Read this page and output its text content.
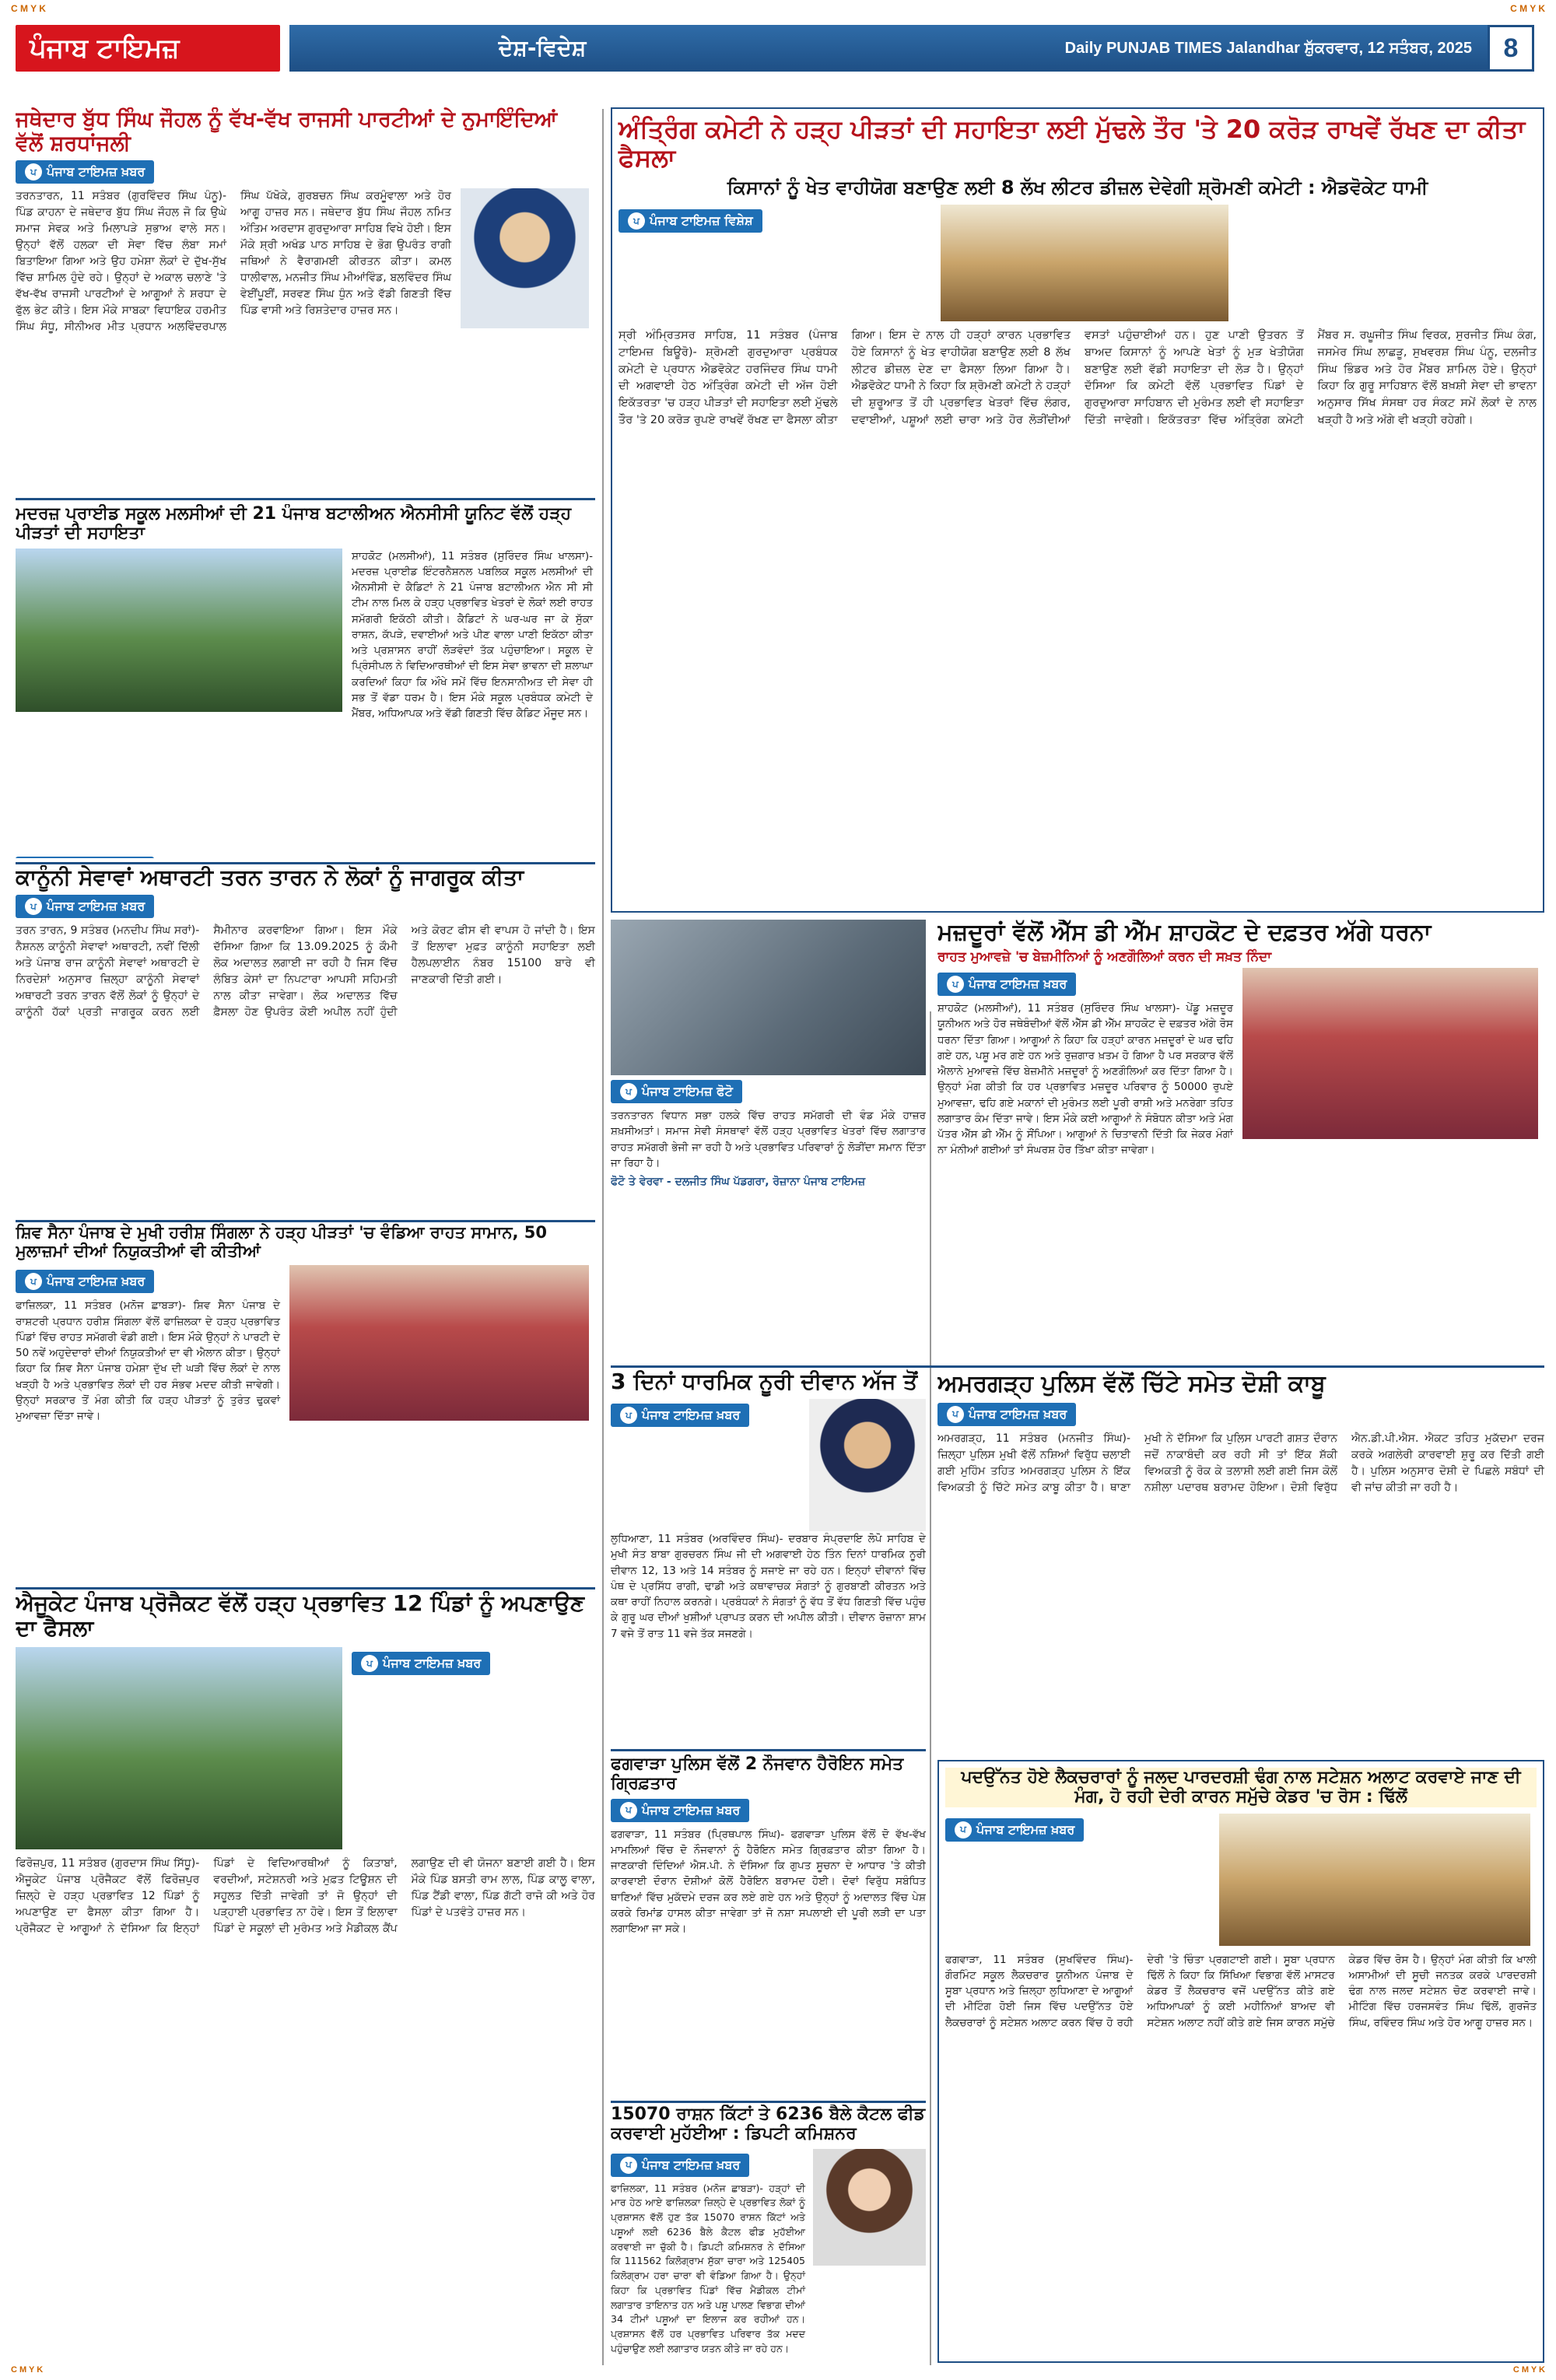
C M Y K	C M Y K
ਪੰਜਾਬ ਟਾਇਮਜ਼	ਦੇਸ਼-ਵਿਦੇਸ਼	Daily PUNJAB TIMES Jalandhar ਸ਼ੁੱਕਰਵਾਰ, 12 ਸਤੰਬਰ, 2025	8
ਜਥੇਦਾਰ ਬੁੱਧ ਸਿੰਘ ਜੌਹਲ ਨੂੰ ਵੱਖ-ਵੱਖ ਰਾਜਸੀ ਪਾਰਟੀਆਂ ਦੇ ਨੁਮਾਇੰਦਿਆਂ ਵੱਲੋਂ ਸ਼ਰਧਾਂਜਲੀ
ਪ ਪੰਜਾਬ ਟਾਇਮਜ਼ ਖ਼ਬਰ
ਤਰਨਤਾਰਨ, 11 ਸਤੰਬਰ (ਗੁਰਵਿੰਦਰ ਸਿੰਘ ਪੰਨੂ)- ਪਿੰਡ ਕਾਹਨਾ ਦੇ ਜਥੇਦਾਰ ਬੁੱਧ ਸਿੰਘ ਜੌਹਲ ਜੋ ਕਿ ਉਘੇ ਸਮਾਜ ਸੇਵਕ ਅਤੇ ਮਿਲਾਪੜੇ ਸੁਭਾਅ ਵਾਲੇ ਸਨ। ਉਨ੍ਹਾਂ ਵੱਲੋਂ ਹਲਕਾ ਦੀ ਸੇਵਾ ਵਿੱਚ ਲੰਬਾ ਸਮਾਂ ਬਿਤਾਇਆ ਗਿਆ ਅਤੇ ਉਹ ਹਮੇਸ਼ਾ ਲੋਕਾਂ ਦੇ ਦੁੱਖ-ਸੁੱਖ ਵਿੱਚ ਸ਼ਾਮਿਲ ਹੁੰਦੇ ਰਹੇ। ਉਨ੍ਹਾਂ ਦੇ ਅਕਾਲ ਚਲਾਣੇ 'ਤੇ ਵੱਖ-ਵੱਖ ਰਾਜਸੀ ਪਾਰਟੀਆਂ ਦੇ ਆਗੂਆਂ ਨੇ ਸ਼ਰਧਾ ਦੇ ਫੁੱਲ ਭੇਟ ਕੀਤੇ। ਇਸ ਮੌਕੇ ਸਾਬਕਾ ਵਿਧਾਇਕ ਹਰਮੀਤ ਸਿੰਘ ਸੰਧੂ, ਸੀਨੀਅਰ ਮੀਤ ਪ੍ਰਧਾਨ ਅਲਵਿੰਦਰਪਾਲ ਸਿੰਘ ਪੱਖੋਕੇ, ਗੁਰਬਚਨ ਸਿੰਘ ਕਰਮੂੰਵਾਲਾ ਅਤੇ ਹੋਰ ਆਗੂ ਹਾਜ਼ਰ ਸਨ। ਜਥੇਦਾਰ ਬੁੱਧ ਸਿੰਘ ਜੌਹਲ ਨਮਿਤ ਅੰਤਿਮ ਅਰਦਾਸ ਗੁਰਦੁਆਰਾ ਸਾਹਿਬ ਵਿਖੇ ਹੋਈ। ਇਸ ਮੌਕੇ ਸ਼੍ਰੀ ਅਖੰਡ ਪਾਠ ਸਾਹਿਬ ਦੇ ਭੋਗ ਉਪਰੰਤ ਰਾਗੀ ਜਥਿਆਂ ਨੇ ਵੈਰਾਗਮਈ ਕੀਰਤਨ ਕੀਤਾ। ਕਮਲ ਧਾਲੀਵਾਲ, ਮਨਜੀਤ ਸਿੰਘ ਮੀਆਂਵਿੰਡ, ਬਲਵਿੰਦਰ ਸਿੰਘ ਵੇਈਂਪੂਈਂ, ਸਰਵਣ ਸਿੰਘ ਧੁੰਨ ਅਤੇ ਵੱਡੀ ਗਿਣਤੀ ਵਿੱਚ ਪਿੰਡ ਵਾਸੀ ਅਤੇ ਰਿਸ਼ਤੇਦਾਰ ਹਾਜ਼ਰ ਸਨ।
ਅੰਤ੍ਰਿੰਗ ਕਮੇਟੀ ਨੇ ਹੜ੍ਹ ਪੀੜਤਾਂ ਦੀ ਸਹਾਇਤਾ ਲਈ ਮੁੱਢਲੇ ਤੌਰ 'ਤੇ 20 ਕਰੋੜ ਰਾਖਵੇਂ ਰੱਖਣ ਦਾ ਕੀਤਾ ਫੈਸਲਾ
ਕਿਸਾਨਾਂ ਨੂੰ ਖੇਤ ਵਾਹੀਯੋਗ ਬਣਾਉਣ ਲਈ 8 ਲੱਖ ਲੀਟਰ ਡੀਜ਼ਲ ਦੇਵੇਗੀ ਸ਼੍ਰੋਮਣੀ ਕਮੇਟੀ : ਐਡਵੋਕੇਟ ਧਾਮੀ
ਪ ਪੰਜਾਬ ਟਾਇਮਜ਼ ਵਿਸ਼ੇਸ਼
ਸ੍ਰੀ ਅੰਮ੍ਰਿਤਸਰ ਸਾਹਿਬ, 11 ਸਤੰਬਰ (ਪੰਜਾਬ ਟਾਇਮਜ਼ ਬਿਊਰੋ)- ਸ਼੍ਰੋਮਣੀ ਗੁਰਦੁਆਰਾ ਪ੍ਰਬੰਧਕ ਕਮੇਟੀ ਦੇ ਪ੍ਰਧਾਨ ਐਡਵੋਕੇਟ ਹਰਜਿੰਦਰ ਸਿੰਘ ਧਾਮੀ ਦੀ ਅਗਵਾਈ ਹੇਠ ਅੰਤ੍ਰਿੰਗ ਕਮੇਟੀ ਦੀ ਅੱਜ ਹੋਈ ਇਕੱਤਰਤਾ 'ਚ ਹੜ੍ਹ ਪੀੜਤਾਂ ਦੀ ਸਹਾਇਤਾ ਲਈ ਮੁੱਢਲੇ ਤੌਰ 'ਤੇ 20 ਕਰੋੜ ਰੁਪਏ ਰਾਖਵੇਂ ਰੱਖਣ ਦਾ ਫੈਸਲਾ ਕੀਤਾ ਗਿਆ। ਇਸ ਦੇ ਨਾਲ ਹੀ ਹੜ੍ਹਾਂ ਕਾਰਨ ਪ੍ਰਭਾਵਿਤ ਹੋਏ ਕਿਸਾਨਾਂ ਨੂੰ ਖੇਤ ਵਾਹੀਯੋਗ ਬਣਾਉਣ ਲਈ 8 ਲੱਖ ਲੀਟਰ ਡੀਜ਼ਲ ਦੇਣ ਦਾ ਫੈਸਲਾ ਲਿਆ ਗਿਆ ਹੈ। ਐਡਵੋਕੇਟ ਧਾਮੀ ਨੇ ਕਿਹਾ ਕਿ ਸ਼੍ਰੋਮਣੀ ਕਮੇਟੀ ਨੇ ਹੜ੍ਹਾਂ ਦੀ ਸ਼ੁਰੂਆਤ ਤੋਂ ਹੀ ਪ੍ਰਭਾਵਿਤ ਖੇਤਰਾਂ ਵਿੱਚ ਲੰਗਰ, ਦਵਾਈਆਂ, ਪਸ਼ੂਆਂ ਲਈ ਚਾਰਾ ਅਤੇ ਹੋਰ ਲੋੜੀਂਦੀਆਂ ਵਸਤਾਂ ਪਹੁੰਚਾਈਆਂ ਹਨ। ਹੁਣ ਪਾਣੀ ਉਤਰਨ ਤੋਂ ਬਾਅਦ ਕਿਸਾਨਾਂ ਨੂੰ ਆਪਣੇ ਖੇਤਾਂ ਨੂੰ ਮੁੜ ਖੇਤੀਯੋਗ ਬਣਾਉਣ ਲਈ ਵੱਡੀ ਸਹਾਇਤਾ ਦੀ ਲੋੜ ਹੈ। ਉਨ੍ਹਾਂ ਦੱਸਿਆ ਕਿ ਕਮੇਟੀ ਵੱਲੋਂ ਪ੍ਰਭਾਵਿਤ ਪਿੰਡਾਂ ਦੇ ਗੁਰਦੁਆਰਾ ਸਾਹਿਬਾਨ ਦੀ ਮੁਰੰਮਤ ਲਈ ਵੀ ਸਹਾਇਤਾ ਦਿੱਤੀ ਜਾਵੇਗੀ। ਇਕੱਤਰਤਾ ਵਿੱਚ ਅੰਤ੍ਰਿੰਗ ਕਮੇਟੀ ਮੈਂਬਰ ਸ. ਰਘੂਜੀਤ ਸਿੰਘ ਵਿਰਕ, ਸੁਰਜੀਤ ਸਿੰਘ ਕੰਗ, ਜਸਮੇਰ ਸਿੰਘ ਲਾਛੜੂ, ਸੁਖਵਰਸ਼ ਸਿੰਘ ਪੰਨੂ, ਦਲਜੀਤ ਸਿੰਘ ਭਿੰਡਰ ਅਤੇ ਹੋਰ ਮੈਂਬਰ ਸ਼ਾਮਿਲ ਹੋਏ। ਉਨ੍ਹਾਂ ਕਿਹਾ ਕਿ ਗੁਰੂ ਸਾਹਿਬਾਨ ਵੱਲੋਂ ਬਖ਼ਸ਼ੀ ਸੇਵਾ ਦੀ ਭਾਵਨਾ ਅਨੁਸਾਰ ਸਿੱਖ ਸੰਸਥਾ ਹਰ ਸੰਕਟ ਸਮੇਂ ਲੋਕਾਂ ਦੇ ਨਾਲ ਖੜ੍ਹੀ ਹੈ ਅਤੇ ਅੱਗੇ ਵੀ ਖੜ੍ਹੀ ਰਹੇਗੀ।
ਮਦਰਜ਼ ਪ੍ਰਾਈਡ ਸਕੂਲ ਮਲਸੀਆਂ ਦੀ 21 ਪੰਜਾਬ ਬਟਾਲੀਅਨ ਐਨਸੀਸੀ ਯੂਨਿਟ ਵੱਲੋਂ ਹੜ੍ਹ ਪੀੜਤਾਂ ਦੀ ਸਹਾਇਤਾ
ਸ਼ਾਹਕੋਟ (ਮਲਸੀਆਂ), 11 ਸਤੰਬਰ (ਸੁਰਿੰਦਰ ਸਿੰਘ ਖਾਲਸਾ)- ਮਦਰਜ਼ ਪ੍ਰਾਈਡ ਇੰਟਰਨੈਸ਼ਨਲ ਪਬਲਿਕ ਸਕੂਲ ਮਲਸੀਆਂ ਦੀ ਐਨਸੀਸੀ ਦੇ ਕੈਡਿਟਾਂ ਨੇ 21 ਪੰਜਾਬ ਬਟਾਲੀਅਨ ਐਨ ਸੀ ਸੀ ਟੀਮ ਨਾਲ ਮਿਲ ਕੇ ਹੜ੍ਹ ਪ੍ਰਭਾਵਿਤ ਖੇਤਰਾਂ ਦੇ ਲੋਕਾਂ ਲਈ ਰਾਹਤ ਸਮੱਗਰੀ ਇਕੱਠੀ ਕੀਤੀ। ਕੈਡਿਟਾਂ ਨੇ ਘਰ-ਘਰ ਜਾ ਕੇ ਸੁੱਕਾ ਰਾਸ਼ਨ, ਕੱਪੜੇ, ਦਵਾਈਆਂ ਅਤੇ ਪੀਣ ਵਾਲਾ ਪਾਣੀ ਇਕੱਠਾ ਕੀਤਾ ਅਤੇ ਪ੍ਰਸ਼ਾਸਨ ਰਾਹੀਂ ਲੋੜਵੰਦਾਂ ਤੱਕ ਪਹੁੰਚਾਇਆ। ਸਕੂਲ ਦੇ ਪ੍ਰਿੰਸੀਪਲ ਨੇ ਵਿਦਿਆਰਥੀਆਂ ਦੀ ਇਸ ਸੇਵਾ ਭਾਵਨਾ ਦੀ ਸ਼ਲਾਘਾ ਕਰਦਿਆਂ ਕਿਹਾ ਕਿ ਔਖੇ ਸਮੇਂ ਵਿੱਚ ਇਨਸਾਨੀਅਤ ਦੀ ਸੇਵਾ ਹੀ ਸਭ ਤੋਂ ਵੱਡਾ ਧਰਮ ਹੈ। ਇਸ ਮੌਕੇ ਸਕੂਲ ਪ੍ਰਬੰਧਕ ਕਮੇਟੀ ਦੇ ਮੈਂਬਰ, ਅਧਿਆਪਕ ਅਤੇ ਵੱਡੀ ਗਿਣਤੀ ਵਿੱਚ ਕੈਡਿਟ ਮੌਜੂਦ ਸਨ।
ਕਾਨੂੰਨੀ ਸੇਵਾਵਾਂ ਅਥਾਰਟੀ ਤਰਨ ਤਾਰਨ ਨੇ ਲੋਕਾਂ ਨੂੰ ਜਾਗਰੂਕ ਕੀਤਾ
ਪ ਪੰਜਾਬ ਟਾਇਮਜ਼ ਖ਼ਬਰ
ਤਰਨ ਤਾਰਨ, 9 ਸਤੰਬਰ (ਮਨਦੀਪ ਸਿੰਘ ਸਰਾਂ)- ਨੈਸ਼ਨਲ ਕਾਨੂੰਨੀ ਸੇਵਾਵਾਂ ਅਥਾਰਟੀ, ਨਵੀਂ ਦਿੱਲੀ ਅਤੇ ਪੰਜਾਬ ਰਾਜ ਕਾਨੂੰਨੀ ਸੇਵਾਵਾਂ ਅਥਾਰਟੀ ਦੇ ਨਿਰਦੇਸ਼ਾਂ ਅਨੁਸਾਰ ਜ਼ਿਲ੍ਹਾ ਕਾਨੂੰਨੀ ਸੇਵਾਵਾਂ ਅਥਾਰਟੀ ਤਰਨ ਤਾਰਨ ਵੱਲੋਂ ਲੋਕਾਂ ਨੂੰ ਉਨ੍ਹਾਂ ਦੇ ਕਾਨੂੰਨੀ ਹੱਕਾਂ ਪ੍ਰਤੀ ਜਾਗਰੂਕ ਕਰਨ ਲਈ ਸੈਮੀਨਾਰ ਕਰਵਾਇਆ ਗਿਆ। ਇਸ ਮੌਕੇ ਦੱਸਿਆ ਗਿਆ ਕਿ 13.09.2025 ਨੂੰ ਕੌਮੀ ਲੋਕ ਅਦਾਲਤ ਲਗਾਈ ਜਾ ਰਹੀ ਹੈ ਜਿਸ ਵਿੱਚ ਲੰਬਿਤ ਕੇਸਾਂ ਦਾ ਨਿਪਟਾਰਾ ਆਪਸੀ ਸਹਿਮਤੀ ਨਾਲ ਕੀਤਾ ਜਾਵੇਗਾ। ਲੋਕ ਅਦਾਲਤ ਵਿੱਚ ਫ਼ੈਸਲਾ ਹੋਣ ਉਪਰੰਤ ਕੋਈ ਅਪੀਲ ਨਹੀਂ ਹੁੰਦੀ ਅਤੇ ਕੋਰਟ ਫੀਸ ਵੀ ਵਾਪਸ ਹੋ ਜਾਂਦੀ ਹੈ। ਇਸ ਤੋਂ ਇਲਾਵਾ ਮੁਫ਼ਤ ਕਾਨੂੰਨੀ ਸਹਾਇਤਾ ਲਈ ਹੈਲਪਲਾਈਨ ਨੰਬਰ 15100 ਬਾਰੇ ਵੀ ਜਾਣਕਾਰੀ ਦਿੱਤੀ ਗਈ।
ਸ਼ਿਵ ਸੈਨਾ ਪੰਜਾਬ ਦੇ ਮੁਖੀ ਹਰੀਸ਼ ਸਿੰਗਲਾ ਨੇ ਹੜ੍ਹ ਪੀੜਤਾਂ 'ਚ ਵੰਡਿਆ ਰਾਹਤ ਸਾਮਾਨ, 50 ਮੁਲਾਜ਼ਮਾਂ ਦੀਆਂ ਨਿਯੁਕਤੀਆਂ ਵੀ ਕੀਤੀਆਂ
ਪ ਪੰਜਾਬ ਟਾਇਮਜ਼ ਖ਼ਬਰ
ਫਾਜ਼ਿਲਕਾ, 11 ਸਤੰਬਰ (ਮਨੋਜ ਛਾਬੜਾ)- ਸ਼ਿਵ ਸੈਨਾ ਪੰਜਾਬ ਦੇ ਰਾਸ਼ਟਰੀ ਪ੍ਰਧਾਨ ਹਰੀਸ਼ ਸਿੰਗਲਾ ਵੱਲੋਂ ਫਾਜ਼ਿਲਕਾ ਦੇ ਹੜ੍ਹ ਪ੍ਰਭਾਵਿਤ ਪਿੰਡਾਂ ਵਿੱਚ ਰਾਹਤ ਸਮੱਗਰੀ ਵੰਡੀ ਗਈ। ਇਸ ਮੌਕੇ ਉਨ੍ਹਾਂ ਨੇ ਪਾਰਟੀ ਦੇ 50 ਨਵੇਂ ਅਹੁਦੇਦਾਰਾਂ ਦੀਆਂ ਨਿਯੁਕਤੀਆਂ ਦਾ ਵੀ ਐਲਾਨ ਕੀਤਾ। ਉਨ੍ਹਾਂ ਕਿਹਾ ਕਿ ਸ਼ਿਵ ਸੈਨਾ ਪੰਜਾਬ ਹਮੇਸ਼ਾ ਦੁੱਖ ਦੀ ਘੜੀ ਵਿੱਚ ਲੋਕਾਂ ਦੇ ਨਾਲ ਖੜ੍ਹੀ ਹੈ ਅਤੇ ਪ੍ਰਭਾਵਿਤ ਲੋਕਾਂ ਦੀ ਹਰ ਸੰਭਵ ਮਦਦ ਕੀਤੀ ਜਾਵੇਗੀ। ਉਨ੍ਹਾਂ ਸਰਕਾਰ ਤੋਂ ਮੰਗ ਕੀਤੀ ਕਿ ਹੜ੍ਹ ਪੀੜਤਾਂ ਨੂੰ ਤੁਰੰਤ ਢੁਕਵਾਂ ਮੁਆਵਜ਼ਾ ਦਿੱਤਾ ਜਾਵੇ।
ਐਜੂਕੇਟ ਪੰਜਾਬ ਪ੍ਰੋਜੈਕਟ ਵੱਲੋਂ ਹੜ੍ਹ ਪ੍ਰਭਾਵਿਤ 12 ਪਿੰਡਾਂ ਨੂੰ ਅਪਣਾਉਣ ਦਾ ਫੈਸਲਾ
ਪ ਪੰਜਾਬ ਟਾਇਮਜ਼ ਖ਼ਬਰ
ਫਿਰੋਜ਼ਪੁਰ, 11 ਸਤੰਬਰ (ਗੁਰਦਾਸ ਸਿੰਘ ਸਿੱਧੂ)- ਐਜੂਕੇਟ ਪੰਜਾਬ ਪ੍ਰੋਜੈਕਟ ਵੱਲੋਂ ਫਿਰੋਜ਼ਪੁਰ ਜ਼ਿਲ੍ਹੇ ਦੇ ਹੜ੍ਹ ਪ੍ਰਭਾਵਿਤ 12 ਪਿੰਡਾਂ ਨੂੰ ਅਪਣਾਉਣ ਦਾ ਫੈਸਲਾ ਕੀਤਾ ਗਿਆ ਹੈ। ਪ੍ਰੋਜੈਕਟ ਦੇ ਆਗੂਆਂ ਨੇ ਦੱਸਿਆ ਕਿ ਇਨ੍ਹਾਂ ਪਿੰਡਾਂ ਦੇ ਵਿਦਿਆਰਥੀਆਂ ਨੂੰ ਕਿਤਾਬਾਂ, ਵਰਦੀਆਂ, ਸਟੇਸ਼ਨਰੀ ਅਤੇ ਮੁਫ਼ਤ ਟਿਊਸ਼ਨ ਦੀ ਸਹੂਲਤ ਦਿੱਤੀ ਜਾਵੇਗੀ ਤਾਂ ਜੋ ਉਨ੍ਹਾਂ ਦੀ ਪੜ੍ਹਾਈ ਪ੍ਰਭਾਵਿਤ ਨਾ ਹੋਵੇ। ਇਸ ਤੋਂ ਇਲਾਵਾ ਪਿੰਡਾਂ ਦੇ ਸਕੂਲਾਂ ਦੀ ਮੁਰੰਮਤ ਅਤੇ ਮੈਡੀਕਲ ਕੈਂਪ ਲਗਾਉਣ ਦੀ ਵੀ ਯੋਜਨਾ ਬਣਾਈ ਗਈ ਹੈ। ਇਸ ਮੌਕੇ ਪਿੰਡ ਬਸਤੀ ਰਾਮ ਲਾਲ, ਪਿੰਡ ਕਾਲੂ ਵਾਲਾ, ਪਿੰਡ ਟੈਂਡੀ ਵਾਲਾ, ਪਿੰਡ ਗੱਟੀ ਰਾਜੋ ਕੀ ਅਤੇ ਹੋਰ ਪਿੰਡਾਂ ਦੇ ਪਤਵੰਤੇ ਹਾਜ਼ਰ ਸਨ।
ਪ ਪੰਜਾਬ ਟਾਇਮਜ਼ ਫੋਟੋ
ਤਰਨਤਾਰਨ ਵਿਧਾਨ ਸਭਾ ਹਲਕੇ ਵਿੱਚ ਰਾਹਤ ਸਮੱਗਰੀ ਦੀ ਵੰਡ ਮੌਕੇ ਹਾਜ਼ਰ ਸ਼ਖ਼ਸੀਅਤਾਂ। ਸਮਾਜ ਸੇਵੀ ਸੰਸਥਾਵਾਂ ਵੱਲੋਂ ਹੜ੍ਹ ਪ੍ਰਭਾਵਿਤ ਖੇਤਰਾਂ ਵਿੱਚ ਲਗਾਤਾਰ ਰਾਹਤ ਸਮੱਗਰੀ ਭੇਜੀ ਜਾ ਰਹੀ ਹੈ ਅਤੇ ਪ੍ਰਭਾਵਿਤ ਪਰਿਵਾਰਾਂ ਨੂੰ ਲੋੜੀਂਦਾ ਸਮਾਨ ਦਿੱਤਾ ਜਾ ਰਿਹਾ ਹੈ।
ਫੋਟੋ ਤੇ ਵੇਰਵਾ - ਦਲਜੀਤ ਸਿੰਘ ਪੱਡਗਰਾ, ਰੋਜ਼ਾਨਾ ਪੰਜਾਬ ਟਾਇਮਜ਼
ਮਜ਼ਦੂਰਾਂ ਵੱਲੋਂ ਐੱਸ ਡੀ ਐੱਮ ਸ਼ਾਹਕੋਟ ਦੇ ਦਫ਼ਤਰ ਅੱਗੇ ਧਰਨਾ
ਰਾਹਤ ਮੁਆਵਜ਼ੇ 'ਚ ਬੇਜ਼ਮੀਨਿਆਂ ਨੂੰ ਅਣਗੌਲਿਆਂ ਕਰਨ ਦੀ ਸਖ਼ਤ ਨਿੰਦਾ
ਪ ਪੰਜਾਬ ਟਾਇਮਜ਼ ਖ਼ਬਰ
ਸ਼ਾਹਕੋਟ (ਮਲਸੀਆਂ), 11 ਸਤੰਬਰ (ਸੁਰਿੰਦਰ ਸਿੰਘ ਖਾਲਸਾ)- ਪੇਂਡੂ ਮਜ਼ਦੂਰ ਯੂਨੀਅਨ ਅਤੇ ਹੋਰ ਜਥੇਬੰਦੀਆਂ ਵੱਲੋਂ ਐੱਸ ਡੀ ਐੱਮ ਸ਼ਾਹਕੋਟ ਦੇ ਦਫ਼ਤਰ ਅੱਗੇ ਰੋਸ ਧਰਨਾ ਦਿੱਤਾ ਗਿਆ। ਆਗੂਆਂ ਨੇ ਕਿਹਾ ਕਿ ਹੜ੍ਹਾਂ ਕਾਰਨ ਮਜ਼ਦੂਰਾਂ ਦੇ ਘਰ ਢਹਿ ਗਏ ਹਨ, ਪਸ਼ੂ ਮਰ ਗਏ ਹਨ ਅਤੇ ਰੁਜ਼ਗਾਰ ਖ਼ਤਮ ਹੋ ਗਿਆ ਹੈ ਪਰ ਸਰਕਾਰ ਵੱਲੋਂ ਐਲਾਨੇ ਮੁਆਵਜ਼ੇ ਵਿੱਚ ਬੇਜ਼ਮੀਨੇ ਮਜ਼ਦੂਰਾਂ ਨੂੰ ਅਣਗੌਲਿਆਂ ਕਰ ਦਿੱਤਾ ਗਿਆ ਹੈ। ਉਨ੍ਹਾਂ ਮੰਗ ਕੀਤੀ ਕਿ ਹਰ ਪ੍ਰਭਾਵਿਤ ਮਜ਼ਦੂਰ ਪਰਿਵਾਰ ਨੂੰ 50000 ਰੁਪਏ ਮੁਆਵਜ਼ਾ, ਢਹਿ ਗਏ ਮਕਾਨਾਂ ਦੀ ਮੁਰੰਮਤ ਲਈ ਪੂਰੀ ਰਾਸ਼ੀ ਅਤੇ ਮਨਰੇਗਾ ਤਹਿਤ ਲਗਾਤਾਰ ਕੰਮ ਦਿੱਤਾ ਜਾਵੇ। ਇਸ ਮੌਕੇ ਕਈ ਆਗੂਆਂ ਨੇ ਸੰਬੋਧਨ ਕੀਤਾ ਅਤੇ ਮੰਗ ਪੱਤਰ ਐੱਸ ਡੀ ਐੱਮ ਨੂੰ ਸੌਂਪਿਆ। ਆਗੂਆਂ ਨੇ ਚਿਤਾਵਨੀ ਦਿੱਤੀ ਕਿ ਜੇਕਰ ਮੰਗਾਂ ਨਾ ਮੰਨੀਆਂ ਗਈਆਂ ਤਾਂ ਸੰਘਰਸ਼ ਹੋਰ ਤਿੱਖਾ ਕੀਤਾ ਜਾਵੇਗਾ।
3 ਦਿਨਾਂ ਧਾਰਮਿਕ ਨੂਰੀ ਦੀਵਾਨ ਅੱਜ ਤੋਂ
ਪ ਪੰਜਾਬ ਟਾਇਮਜ਼ ਖ਼ਬਰ
ਲੁਧਿਆਣਾ, 11 ਸਤੰਬਰ (ਅਰਵਿੰਦਰ ਸਿੰਘ)- ਦਰਬਾਰ ਸੰਪ੍ਰਦਾਇ ਲੋਪੋ ਸਾਹਿਬ ਦੇ ਮੁਖੀ ਸੰਤ ਬਾਬਾ ਗੁਰਚਰਨ ਸਿੰਘ ਜੀ ਦੀ ਅਗਵਾਈ ਹੇਠ ਤਿੰਨ ਦਿਨਾਂ ਧਾਰਮਿਕ ਨੂਰੀ ਦੀਵਾਨ 12, 13 ਅਤੇ 14 ਸਤੰਬਰ ਨੂੰ ਸਜਾਏ ਜਾ ਰਹੇ ਹਨ। ਇਨ੍ਹਾਂ ਦੀਵਾਨਾਂ ਵਿੱਚ ਪੰਥ ਦੇ ਪ੍ਰਸਿੱਧ ਰਾਗੀ, ਢਾਡੀ ਅਤੇ ਕਥਾਵਾਚਕ ਸੰਗਤਾਂ ਨੂੰ ਗੁਰਬਾਣੀ ਕੀਰਤਨ ਅਤੇ ਕਥਾ ਰਾਹੀਂ ਨਿਹਾਲ ਕਰਨਗੇ। ਪ੍ਰਬੰਧਕਾਂ ਨੇ ਸੰਗਤਾਂ ਨੂੰ ਵੱਧ ਤੋਂ ਵੱਧ ਗਿਣਤੀ ਵਿੱਚ ਪਹੁੰਚ ਕੇ ਗੁਰੂ ਘਰ ਦੀਆਂ ਖੁਸ਼ੀਆਂ ਪ੍ਰਾਪਤ ਕਰਨ ਦੀ ਅਪੀਲ ਕੀਤੀ। ਦੀਵਾਨ ਰੋਜ਼ਾਨਾ ਸ਼ਾਮ 7 ਵਜੇ ਤੋਂ ਰਾਤ 11 ਵਜੇ ਤੱਕ ਸਜਣਗੇ।
ਅਮਰਗੜ੍ਹ ਪੁਲਿਸ ਵੱਲੋਂ ਚਿੱਟੇ ਸਮੇਤ ਦੋਸ਼ੀ ਕਾਬੂ
ਪ ਪੰਜਾਬ ਟਾਇਮਜ਼ ਖ਼ਬਰ
ਅਮਰਗੜ੍ਹ, 11 ਸਤੰਬਰ (ਮਨਜੀਤ ਸਿੰਘ)- ਜ਼ਿਲ੍ਹਾ ਪੁਲਿਸ ਮੁਖੀ ਵੱਲੋਂ ਨਸ਼ਿਆਂ ਵਿਰੁੱਧ ਚਲਾਈ ਗਈ ਮੁਹਿੰਮ ਤਹਿਤ ਅਮਰਗੜ੍ਹ ਪੁਲਿਸ ਨੇ ਇੱਕ ਵਿਅਕਤੀ ਨੂੰ ਚਿੱਟੇ ਸਮੇਤ ਕਾਬੂ ਕੀਤਾ ਹੈ। ਥਾਣਾ ਮੁਖੀ ਨੇ ਦੱਸਿਆ ਕਿ ਪੁਲਿਸ ਪਾਰਟੀ ਗਸ਼ਤ ਦੌਰਾਨ ਜਦੋਂ ਨਾਕਾਬੰਦੀ ਕਰ ਰਹੀ ਸੀ ਤਾਂ ਇੱਕ ਸ਼ੱਕੀ ਵਿਅਕਤੀ ਨੂੰ ਰੋਕ ਕੇ ਤਲਾਸ਼ੀ ਲਈ ਗਈ ਜਿਸ ਕੋਲੋਂ ਨਸ਼ੀਲਾ ਪਦਾਰਥ ਬਰਾਮਦ ਹੋਇਆ। ਦੋਸ਼ੀ ਵਿਰੁੱਧ ਐਨ.ਡੀ.ਪੀ.ਐਸ. ਐਕਟ ਤਹਿਤ ਮੁਕੱਦਮਾ ਦਰਜ ਕਰਕੇ ਅਗਲੇਰੀ ਕਾਰਵਾਈ ਸ਼ੁਰੂ ਕਰ ਦਿੱਤੀ ਗਈ ਹੈ। ਪੁਲਿਸ ਅਨੁਸਾਰ ਦੋਸ਼ੀ ਦੇ ਪਿਛਲੇ ਸਬੰਧਾਂ ਦੀ ਵੀ ਜਾਂਚ ਕੀਤੀ ਜਾ ਰਹੀ ਹੈ।
ਫਗਵਾੜਾ ਪੁਲਿਸ ਵੱਲੋਂ 2 ਨੌਜਵਾਨ ਹੈਰੋਇਨ ਸਮੇਤ ਗ੍ਰਿਫ਼ਤਾਰ
ਪ ਪੰਜਾਬ ਟਾਇਮਜ਼ ਖ਼ਬਰ
ਫਗਵਾੜਾ, 11 ਸਤੰਬਰ (ਪ੍ਰਿਥਪਾਲ ਸਿੰਘ)- ਫਗਵਾੜਾ ਪੁਲਿਸ ਵੱਲੋਂ ਦੋ ਵੱਖ-ਵੱਖ ਮਾਮਲਿਆਂ ਵਿੱਚ ਦੋ ਨੌਜਵਾਨਾਂ ਨੂੰ ਹੈਰੋਇਨ ਸਮੇਤ ਗ੍ਰਿਫ਼ਤਾਰ ਕੀਤਾ ਗਿਆ ਹੈ। ਜਾਣਕਾਰੀ ਦਿੰਦਿਆਂ ਐਸ.ਪੀ. ਨੇ ਦੱਸਿਆ ਕਿ ਗੁਪਤ ਸੂਚਨਾ ਦੇ ਆਧਾਰ 'ਤੇ ਕੀਤੀ ਕਾਰਵਾਈ ਦੌਰਾਨ ਦੋਸ਼ੀਆਂ ਕੋਲੋਂ ਹੈਰੋਇਨ ਬਰਾਮਦ ਹੋਈ। ਦੋਵਾਂ ਵਿਰੁੱਧ ਸਬੰਧਿਤ ਥਾਣਿਆਂ ਵਿੱਚ ਮੁਕੱਦਮੇ ਦਰਜ ਕਰ ਲਏ ਗਏ ਹਨ ਅਤੇ ਉਨ੍ਹਾਂ ਨੂੰ ਅਦਾਲਤ ਵਿੱਚ ਪੇਸ਼ ਕਰਕੇ ਰਿਮਾਂਡ ਹਾਸਲ ਕੀਤਾ ਜਾਵੇਗਾ ਤਾਂ ਜੋ ਨਸ਼ਾ ਸਪਲਾਈ ਦੀ ਪੂਰੀ ਲੜੀ ਦਾ ਪਤਾ ਲਗਾਇਆ ਜਾ ਸਕੇ।
15070 ਰਾਸ਼ਨ ਕਿੱਟਾਂ ਤੇ 6236 ਬੈਲੇ ਕੈਟਲ ਫੀਡ ਕਰਵਾਈ ਮੁਹੱਈਆ : ਡਿਪਟੀ ਕਮਿਸ਼ਨਰ
ਪ ਪੰਜਾਬ ਟਾਇਮਜ਼ ਖ਼ਬਰ
ਫਾਜ਼ਿਲਕਾ, 11 ਸਤੰਬਰ (ਮਨੋਜ ਛਾਬੜਾ)- ਹੜ੍ਹਾਂ ਦੀ ਮਾਰ ਹੇਠ ਆਏ ਫਾਜ਼ਿਲਕਾ ਜ਼ਿਲ੍ਹੇ ਦੇ ਪ੍ਰਭਾਵਿਤ ਲੋਕਾਂ ਨੂੰ ਪ੍ਰਸ਼ਾਸਨ ਵੱਲੋਂ ਹੁਣ ਤੱਕ 15070 ਰਾਸ਼ਨ ਕਿੱਟਾਂ ਅਤੇ ਪਸ਼ੂਆਂ ਲਈ 6236 ਬੈਲੇ ਕੈਟਲ ਫੀਡ ਮੁਹੱਈਆ ਕਰਵਾਈ ਜਾ ਚੁੱਕੀ ਹੈ। ਡਿਪਟੀ ਕਮਿਸ਼ਨਰ ਨੇ ਦੱਸਿਆ ਕਿ 111562 ਕਿਲੋਗ੍ਰਾਮ ਸੁੱਕਾ ਚਾਰਾ ਅਤੇ 125405 ਕਿਲੋਗ੍ਰਾਮ ਹਰਾ ਚਾਰਾ ਵੀ ਵੰਡਿਆ ਗਿਆ ਹੈ। ਉਨ੍ਹਾਂ ਕਿਹਾ ਕਿ ਪ੍ਰਭਾਵਿਤ ਪਿੰਡਾਂ ਵਿੱਚ ਮੈਡੀਕਲ ਟੀਮਾਂ ਲਗਾਤਾਰ ਤਾਇਨਾਤ ਹਨ ਅਤੇ ਪਸ਼ੂ ਪਾਲਣ ਵਿਭਾਗ ਦੀਆਂ 34 ਟੀਮਾਂ ਪਸ਼ੂਆਂ ਦਾ ਇਲਾਜ ਕਰ ਰਹੀਆਂ ਹਨ। ਪ੍ਰਸ਼ਾਸਨ ਵੱਲੋਂ ਹਰ ਪ੍ਰਭਾਵਿਤ ਪਰਿਵਾਰ ਤੱਕ ਮਦਦ ਪਹੁੰਚਾਉਣ ਲਈ ਲਗਾਤਾਰ ਯਤਨ ਕੀਤੇ ਜਾ ਰਹੇ ਹਨ।
ਪਦਉੱਨਤ ਹੋਏ ਲੈਕਚਰਾਰਾਂ ਨੂੰ ਜਲਦ ਪਾਰਦਰਸ਼ੀ ਢੰਗ ਨਾਲ ਸਟੇਸ਼ਨ ਅਲਾਟ ਕਰਵਾਏ ਜਾਣ ਦੀ ਮੰਗ, ਹੋ ਰਹੀ ਦੇਰੀ ਕਾਰਨ ਸਮੁੱਚੇ ਕੇਡਰ 'ਚ ਰੋਸ : ਢਿੱਲੋਂ
ਪ ਪੰਜਾਬ ਟਾਇਮਜ਼ ਖ਼ਬਰ
ਫਗਵਾੜਾ, 11 ਸਤੰਬਰ (ਸੁਖਵਿੰਦਰ ਸਿੰਘ)- ਗੌਰਮਿੰਟ ਸਕੂਲ ਲੈਕਚਰਾਰ ਯੂਨੀਅਨ ਪੰਜਾਬ ਦੇ ਸੂਬਾ ਪ੍ਰਧਾਨ ਅਤੇ ਜ਼ਿਲ੍ਹਾ ਲੁਧਿਆਣਾ ਦੇ ਆਗੂਆਂ ਦੀ ਮੀਟਿੰਗ ਹੋਈ ਜਿਸ ਵਿੱਚ ਪਦਉੱਨਤ ਹੋਏ ਲੈਕਚਰਾਰਾਂ ਨੂੰ ਸਟੇਸ਼ਨ ਅਲਾਟ ਕਰਨ ਵਿੱਚ ਹੋ ਰਹੀ ਦੇਰੀ 'ਤੇ ਚਿੰਤਾ ਪ੍ਰਗਟਾਈ ਗਈ। ਸੂਬਾ ਪ੍ਰਧਾਨ ਢਿੱਲੋਂ ਨੇ ਕਿਹਾ ਕਿ ਸਿੱਖਿਆ ਵਿਭਾਗ ਵੱਲੋਂ ਮਾਸਟਰ ਕੇਡਰ ਤੋਂ ਲੈਕਚਰਾਰ ਵਜੋਂ ਪਦਉੱਨਤ ਕੀਤੇ ਗਏ ਅਧਿਆਪਕਾਂ ਨੂੰ ਕਈ ਮਹੀਨਿਆਂ ਬਾਅਦ ਵੀ ਸਟੇਸ਼ਨ ਅਲਾਟ ਨਹੀਂ ਕੀਤੇ ਗਏ ਜਿਸ ਕਾਰਨ ਸਮੁੱਚੇ ਕੇਡਰ ਵਿੱਚ ਰੋਸ ਹੈ। ਉਨ੍ਹਾਂ ਮੰਗ ਕੀਤੀ ਕਿ ਖਾਲੀ ਅਸਾਮੀਆਂ ਦੀ ਸੂਚੀ ਜਨਤਕ ਕਰਕੇ ਪਾਰਦਰਸ਼ੀ ਢੰਗ ਨਾਲ ਜਲਦ ਸਟੇਸ਼ਨ ਚੋਣ ਕਰਵਾਈ ਜਾਵੇ। ਮੀਟਿੰਗ ਵਿੱਚ ਹਰਜਸਵੰਤ ਸਿੰਘ ਢਿੱਲੋਂ, ਗੁਰਜੋਤ ਸਿੰਘ, ਰਵਿੰਦਰ ਸਿੰਘ ਅਤੇ ਹੋਰ ਆਗੂ ਹਾਜ਼ਰ ਸਨ।
C M Y K	C M Y K
